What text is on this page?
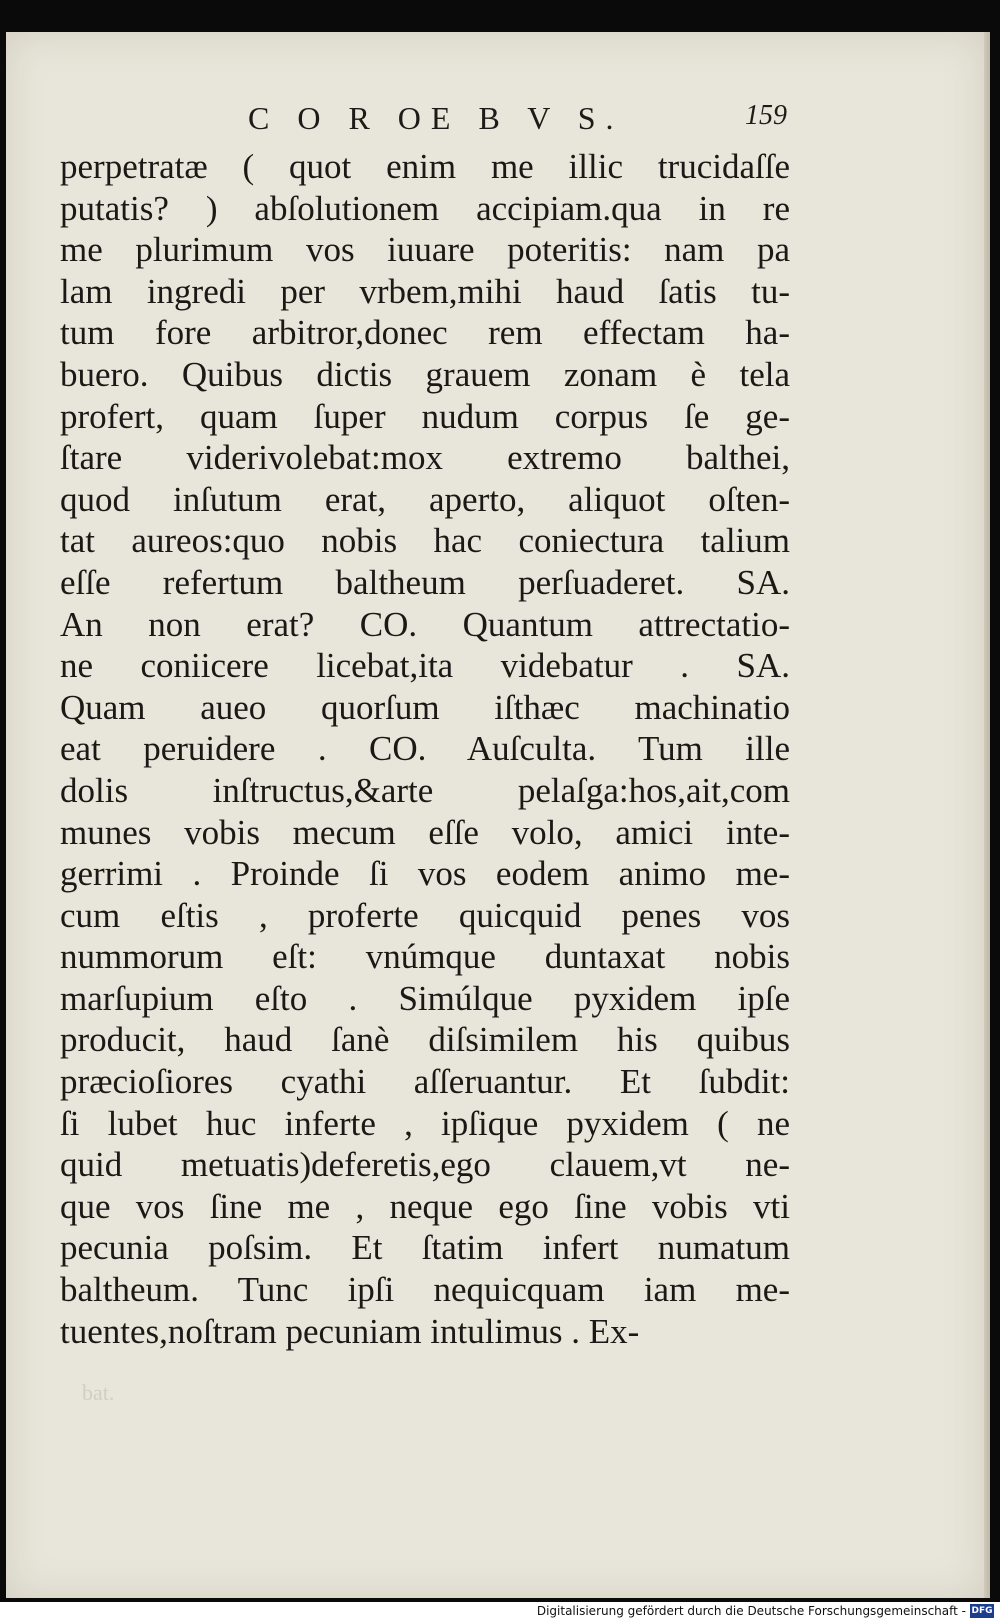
C O R OE B V S.	159
perpetratæ ( quot enim me illic trucidaſſe
putatis? ) abſolutionem accipiam.qua in re
me plurimum vos iuuare poteritis: nam pa
lam ingredi per vrbem,mihi haud ſatis tu-
tum fore arbitror,donec rem effectam ha-
buero. Quibus dictis grauem zonam è tela
profert, quam ſuper nudum corpus ſe ge-
ſtare viderivolebat:mox extremo balthei,
quod inſutum erat, aperto, aliquot oſten-
tat aureos:quo nobis hac coniectura talium
eſſe refertum baltheum perſuaderet. SA.
An non erat? CO. Quantum attrectatio-
ne coniicere licebat,ita videbatur . SA.
Quam aueo quorſum iſthæc machinatio
eat peruidere . CO. Auſculta. Tum ille
dolis inſtructus,&arte pelaſga:hos,ait,com
munes vobis mecum eſſe volo, amici inte-
gerrimi . Proinde ſi vos eodem animo me-
cum eſtis , proferte quicquid penes vos
nummorum eſt: vnúmque duntaxat nobis
marſupium eſto . Simúlque pyxidem ipſe
producit, haud ſanè diſsimilem his quibus
præcioſiores cyathi aſſeruantur. Et ſubdit:
ſi lubet huc inferte , ipſique pyxidem ( ne
quid metuatis)deferetis,ego clauem,vt ne-
que vos ſine me , neque ego ſine vobis vti
pecunia poſsim. Et ſtatim infert numatum
baltheum. Tunc ipſi nequicquam iam me-
tuentes,noſtram pecuniam intulimus . Ex-
bat.
Digitalisierung gefördert durch die Deutsche Forschungsgemeinschaft - DFG
